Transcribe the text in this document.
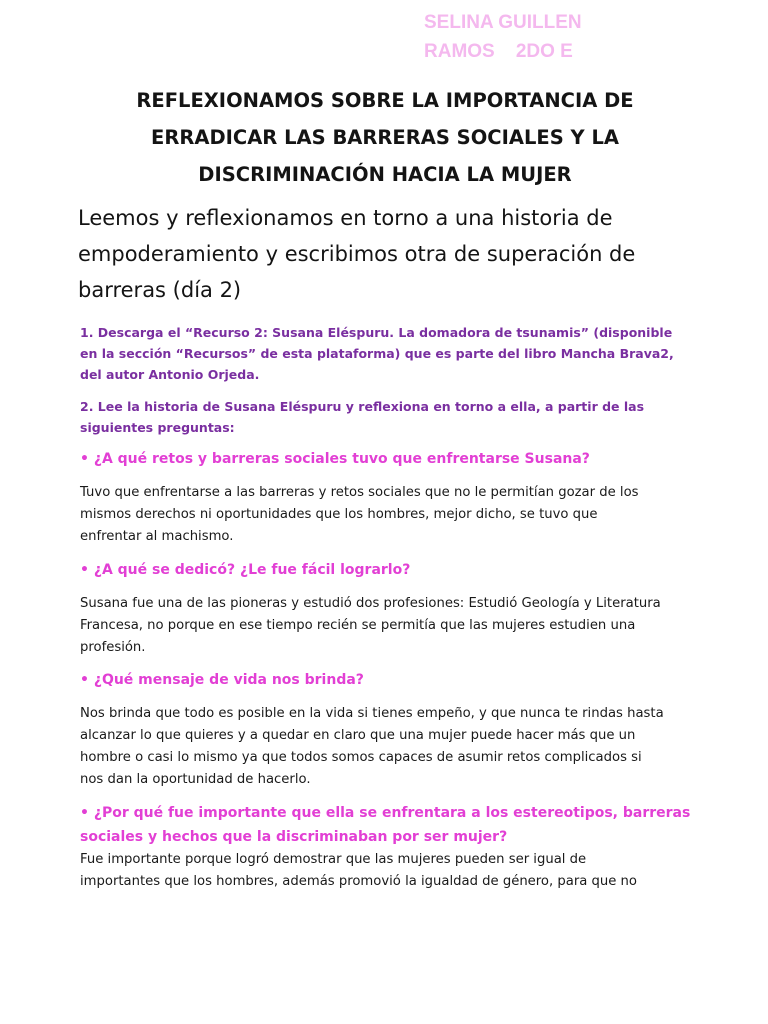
SELINA GUILLEN
RAMOS    2DO E
REFLEXIONAMOS SOBRE LA IMPORTANCIA DE
ERRADICAR LAS BARRERAS SOCIALES Y LA
DISCRIMINACIÓN HACIA LA MUJER
Leemos y reflexionamos en torno a una historia de
empoderamiento y escribimos otra de superación de
barreras (día 2)
1. Descarga el “Recurso 2: Susana Eléspuru. La domadora de tsunamis” (disponible
en la sección “Recursos” de esta plataforma) que es parte del libro Mancha Brava2,
del autor Antonio Orjeda.
2. Lee la historia de Susana Eléspuru y reflexiona en torno a ella, a partir de las
siguientes preguntas:
• ¿A qué retos y barreras sociales tuvo que enfrentarse Susana?
Tuvo que enfrentarse a las barreras y retos sociales que no le permitían gozar de los
mismos derechos ni oportunidades que los hombres, mejor dicho, se tuvo que
enfrentar al machismo.
• ¿A qué se dedicó? ¿Le fue fácil lograrlo?
Susana fue una de las pioneras y estudió dos profesiones: Estudió Geología y Literatura
Francesa, no porque en ese tiempo recién se permitía que las mujeres estudien una
profesión.
• ¿Qué mensaje de vida nos brinda?
Nos brinda que todo es posible en la vida si tienes empeño, y que nunca te rindas hasta
alcanzar lo que quieres y a quedar en claro que una mujer puede hacer más que un
hombre o casi lo mismo ya que todos somos capaces de asumir retos complicados si
nos dan la oportunidad de hacerlo.
• ¿Por qué fue importante que ella se enfrentara a los estereotipos, barreras
sociales y hechos que la discriminaban por ser mujer?
Fue importante porque logró demostrar que las mujeres pueden ser igual de
importantes que los hombres, además promovió la igualdad de género, para que no
